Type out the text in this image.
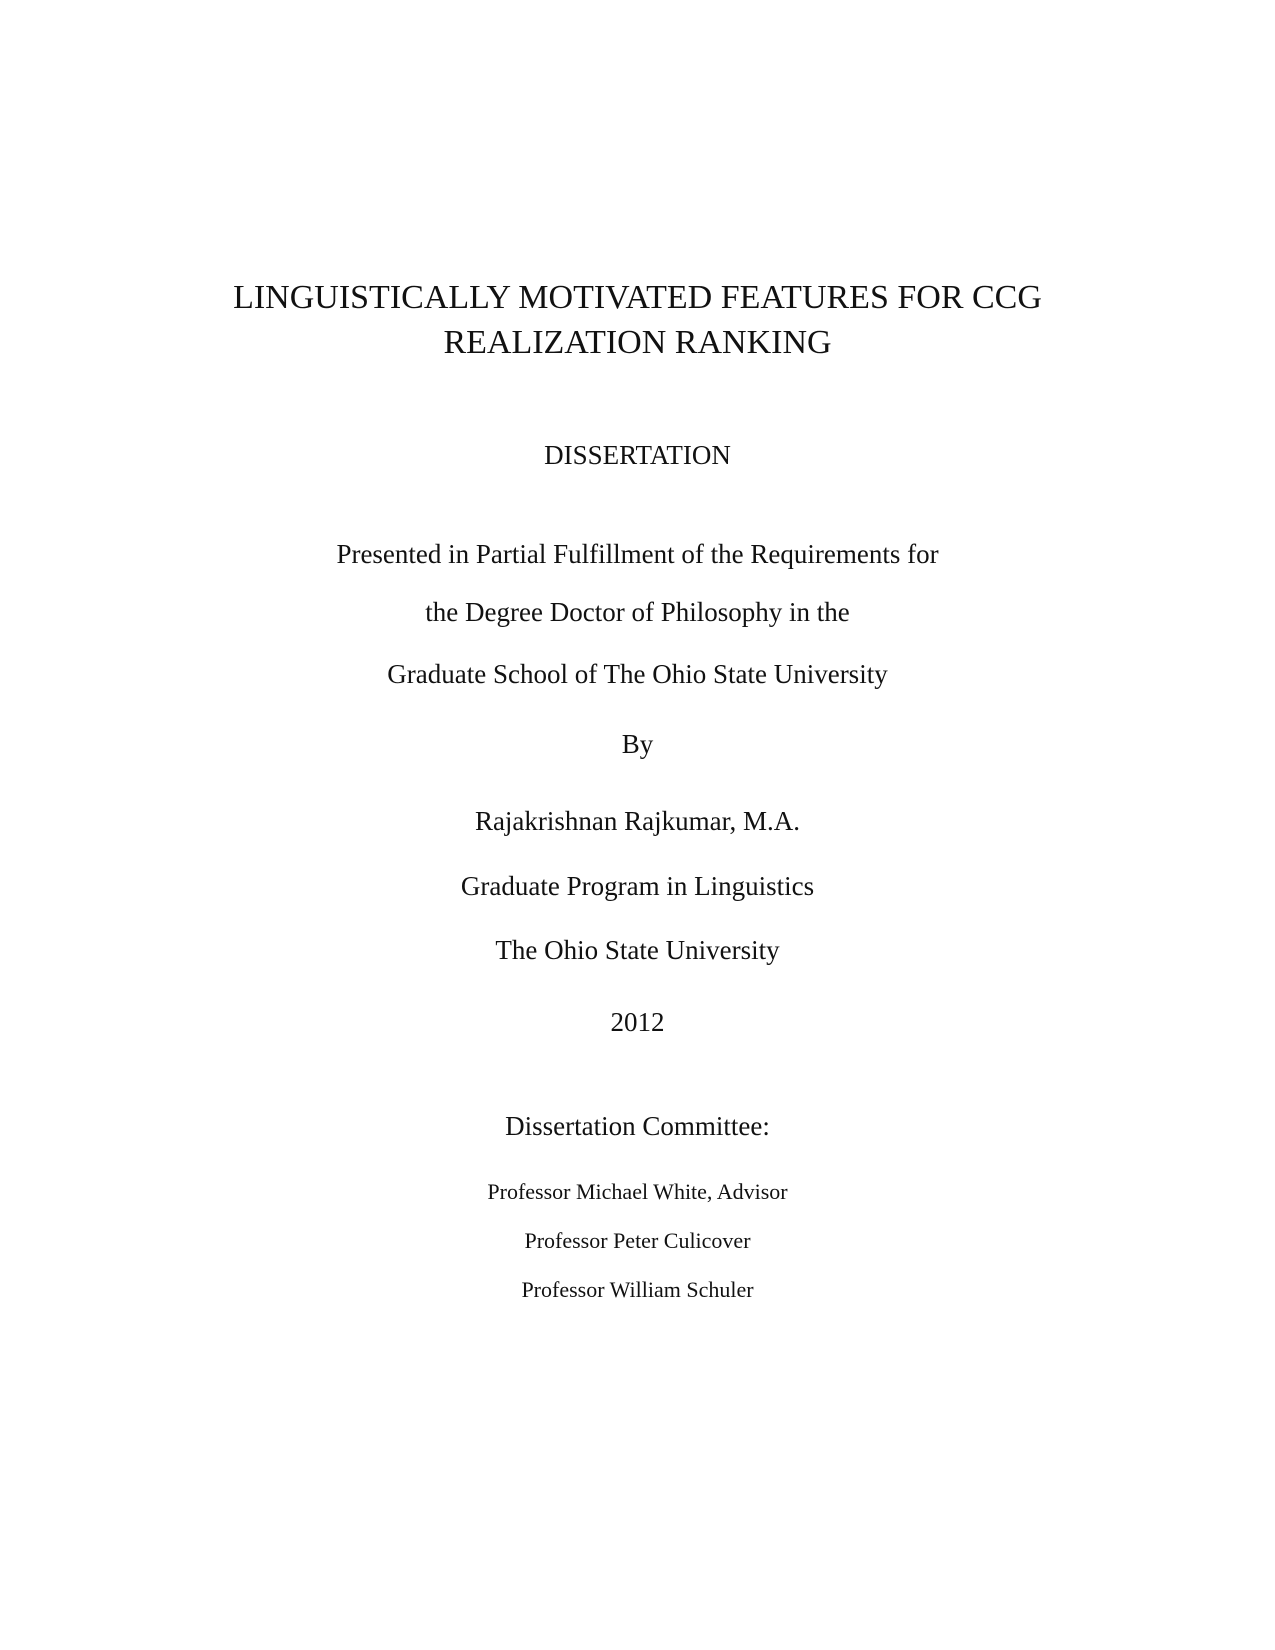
LINGUISTICALLY MOTIVATED FEATURES FOR CCG
REALIZATION RANKING
DISSERTATION
Presented in Partial Fulfillment of the Requirements for
the Degree Doctor of Philosophy in the
Graduate School of The Ohio State University
By
Rajakrishnan Rajkumar, M.A.
Graduate Program in Linguistics
The Ohio State University
2012
Dissertation Committee:
Professor Michael White, Advisor
Professor Peter Culicover
Professor William Schuler
